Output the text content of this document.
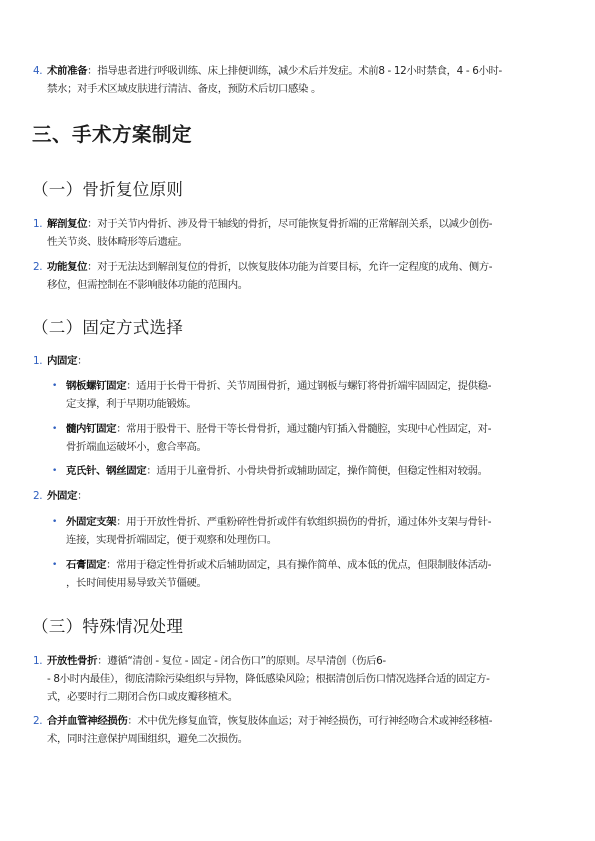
4. 术前准备：指导患者进行呼吸训练、床上排便训练，减少术后并发症。术前8 - 12小时禁食，4 - 6小时-
禁水；对手术区域皮肤进行清洁、备皮，预防术后切口感染 。
三、手术方案制定
（一）骨折复位原则
1. 解剖复位：对于关节内骨折、涉及骨干轴线的骨折，尽可能恢复骨折端的正常解剖关系，以减少创伤-
性关节炎、肢体畸形等后遗症。
2. 功能复位：对于无法达到解剖复位的骨折，以恢复肢体功能为首要目标，允许一定程度的成角、侧方-
移位，但需控制在不影响肢体功能的范围内。
（二）固定方式选择
1. 内固定：
• 钢板螺钉固定：适用于长骨干骨折、关节周围骨折，通过钢板与螺钉将骨折端牢固固定，提供稳-
定支撑，利于早期功能锻炼。
• 髓内钉固定：常用于股骨干、胫骨干等长骨骨折，通过髓内钉插入骨髓腔，实现中心性固定，对-
骨折端血运破坏小，愈合率高。
• 克氏针、钢丝固定：适用于儿童骨折、小骨块骨折或辅助固定，操作简便，但稳定性相对较弱。
2. 外固定：
• 外固定支架：用于开放性骨折、严重粉碎性骨折或伴有软组织损伤的骨折，通过体外支架与骨针-
连接，实现骨折端固定，便于观察和处理伤口。
• 石膏固定：常用于稳定性骨折或术后辅助固定，具有操作简单、成本低的优点，但限制肢体活动-
，长时间使用易导致关节僵硬。
（三）特殊情况处理
1. 开放性骨折：遵循“清创 - 复位 - 固定 - 闭合伤口”的原则。尽早清创（伤后6-
- 8小时内最佳），彻底清除污染组织与异物，降低感染风险；根据清创后伤口情况选择合适的固定方-
式，必要时行二期闭合伤口或皮瓣移植术。
2. 合并血管神经损伤：术中优先修复血管，恢复肢体血运；对于神经损伤，可行神经吻合术或神经移植-
术，同时注意保护周围组织，避免二次损伤。
